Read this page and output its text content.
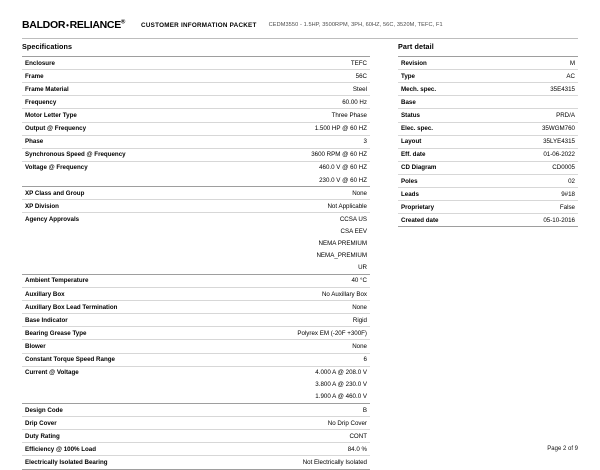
BALDOR•RELIANCE®	CUSTOMER INFORMATION PACKET CEDM3550 - 1.5HP, 3500RPM, 3PH, 60HZ, 56C, 3520M, TEFC, F1
Specifications
Enclosure	TEFC
Frame	56C
Frame Material	Steel
Frequency	60.00 Hz
Motor Letter Type	Three Phase
Output @ Frequency	1.500 HP @ 60 HZ
Phase	3
Synchronous Speed @ Frequency	3600 RPM @ 60 HZ
Voltage @ Frequency	460.0 V @ 60 HZ
	230.0 V @ 60 HZ
XP Class and Group	None
XP Division	Not Applicable
Agency Approvals	CCSA US
	CSA EEV
	NEMA PREMIUM
	NEMA_PREMIUM
	UR
Ambient Temperature	40 °C
Auxillary Box	No Auxillary Box
Auxillary Box Lead Termination	None
Base Indicator	Rigid
Bearing Grease Type	Polyrex EM (-20F +300F)
Blower	None
Constant Torque Speed Range	6
Current @ Voltage	4.000 A @ 208.0 V
	3.800 A @ 230.0 V
	1.900 A @ 460.0 V
Design Code	B
Drip Cover	No Drip Cover
Duty Rating	CONT
Efficiency @ 100% Load	84.0 %
Electrically Isolated Bearing	Not Electrically Isolated
Part detail
Revision	M
Type	AC
Mech. spec.	35E4315
Base	
Status	PRD/A
Elec. spec.	35WGM760
Layout	35LYE4315
Eff. date	01-06-2022
CD Diagram	CD0005
Poles	02
Leads	9#18
Proprietary	False
Created date	05-10-2016
Page 2 of 9
